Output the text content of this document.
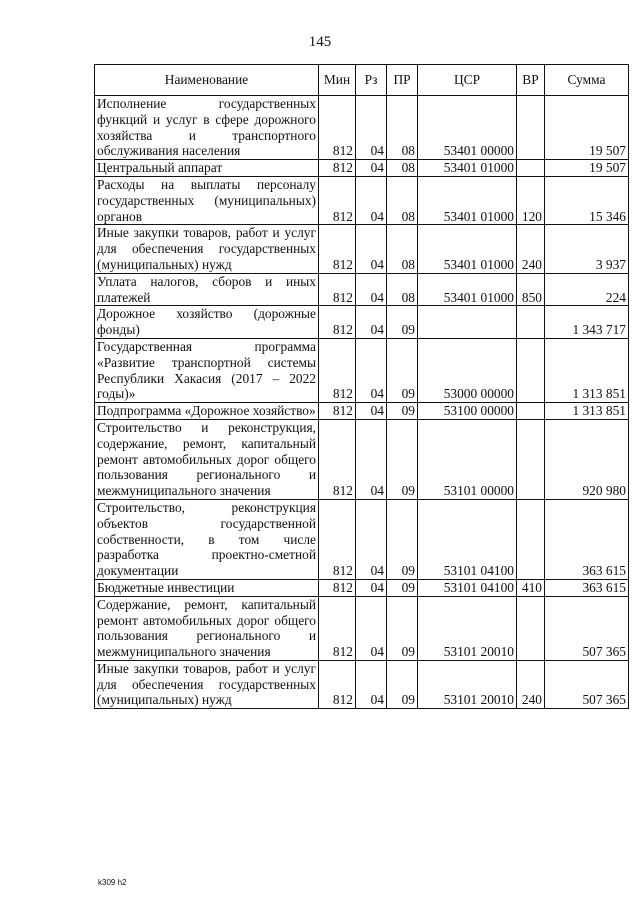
145
Наименование	Мин	Рз	ПР	ЦСР	ВР	Сумма
Исполнение государственных функций и услуг в сфере дорожного хозяйства и транспортного обслуживания населения	812	04	08	53401 00000		19 507
Центральный аппарат	812	04	08	53401 01000		19 507
Расходы на выплаты персоналу государственных (муниципальных) органов	812	04	08	53401 01000	120	15 346
Иные закупки товаров, работ и услуг для обеспечения государственных (муниципальных) нужд	812	04	08	53401 01000	240	3 937
Уплата налогов, сборов и иных платежей	812	04	08	53401 01000	850	224
Дорожное хозяйство (дорожные фонды)	812	04	09			1 343 717
Государственная программа «Развитие транспортной системы Республики Хакасия (2017 – 2022 годы)»	812	04	09	53000 00000		1 313 851
Подпрограмма «Дорожное хозяйство»	812	04	09	53100 00000		1 313 851
Строительство и реконструкция, содержание, ремонт, капитальный ремонт автомобильных дорог общего пользования регионального и межмуниципального значения	812	04	09	53101 00000		920 980
Строительство, реконструкция объектов государственной собственности, в том числе разработка проектно-сметной документации	812	04	09	53101 04100		363 615
Бюджетные инвестиции	812	04	09	53101 04100	410	363 615
Содержание, ремонт, капитальный ремонт автомобильных дорог общего пользования регионального и межмуниципального значения	812	04	09	53101 20010		507 365
Иные закупки товаров, работ и услуг для обеспечения государственных (муниципальных) нужд	812	04	09	53101 20010	240	507 365
k309 h2
